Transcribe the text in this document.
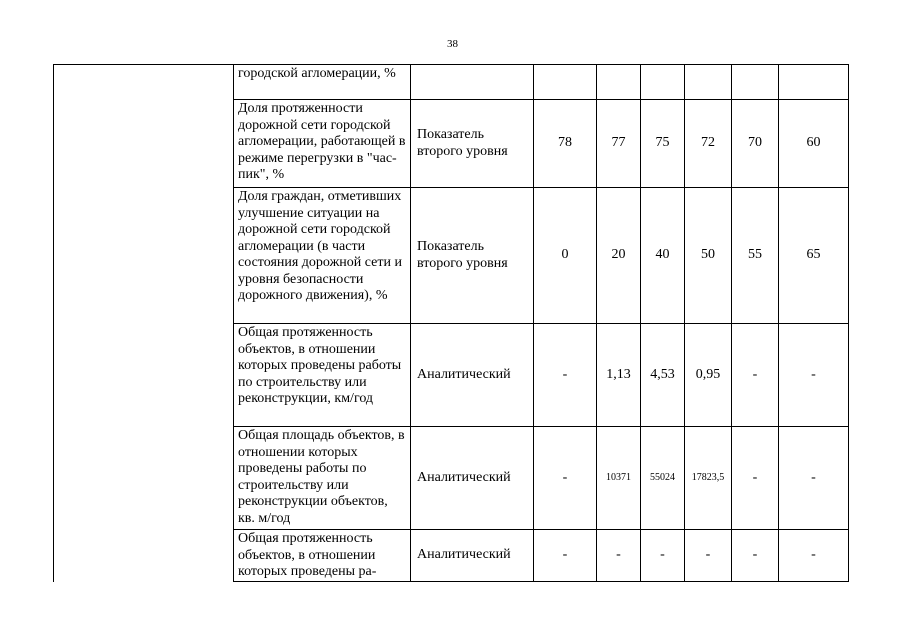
38
	городской агломерации, %							
	Доля протяженности дорожной сети городской агломерации, работающей в режиме перегрузки в "час-пик", %	Показатель второго уровня	78	77	75	72	70	60
	Доля граждан, отметивших улучшение ситуации на дорожной сети городской агломерации (в части состояния дорожной сети и уровня безопасности дорожного движения), %	Показатель второго уровня	0	20	40	50	55	65
	Общая протяженность объектов, в отношении которых проведены работы по строительству или реконструкции, км/год	Аналитический	-	1,13	4,53	0,95	-	-
	Общая площадь объектов, в отношении которых проведены работы по строительству или реконструкции объектов, кв. м/год	Аналитический	-	10371	55024	17823,5	-	-
	Общая протяженность объектов, в отношении которых проведены ра-	Аналитический	-	-	-	-	-	-
